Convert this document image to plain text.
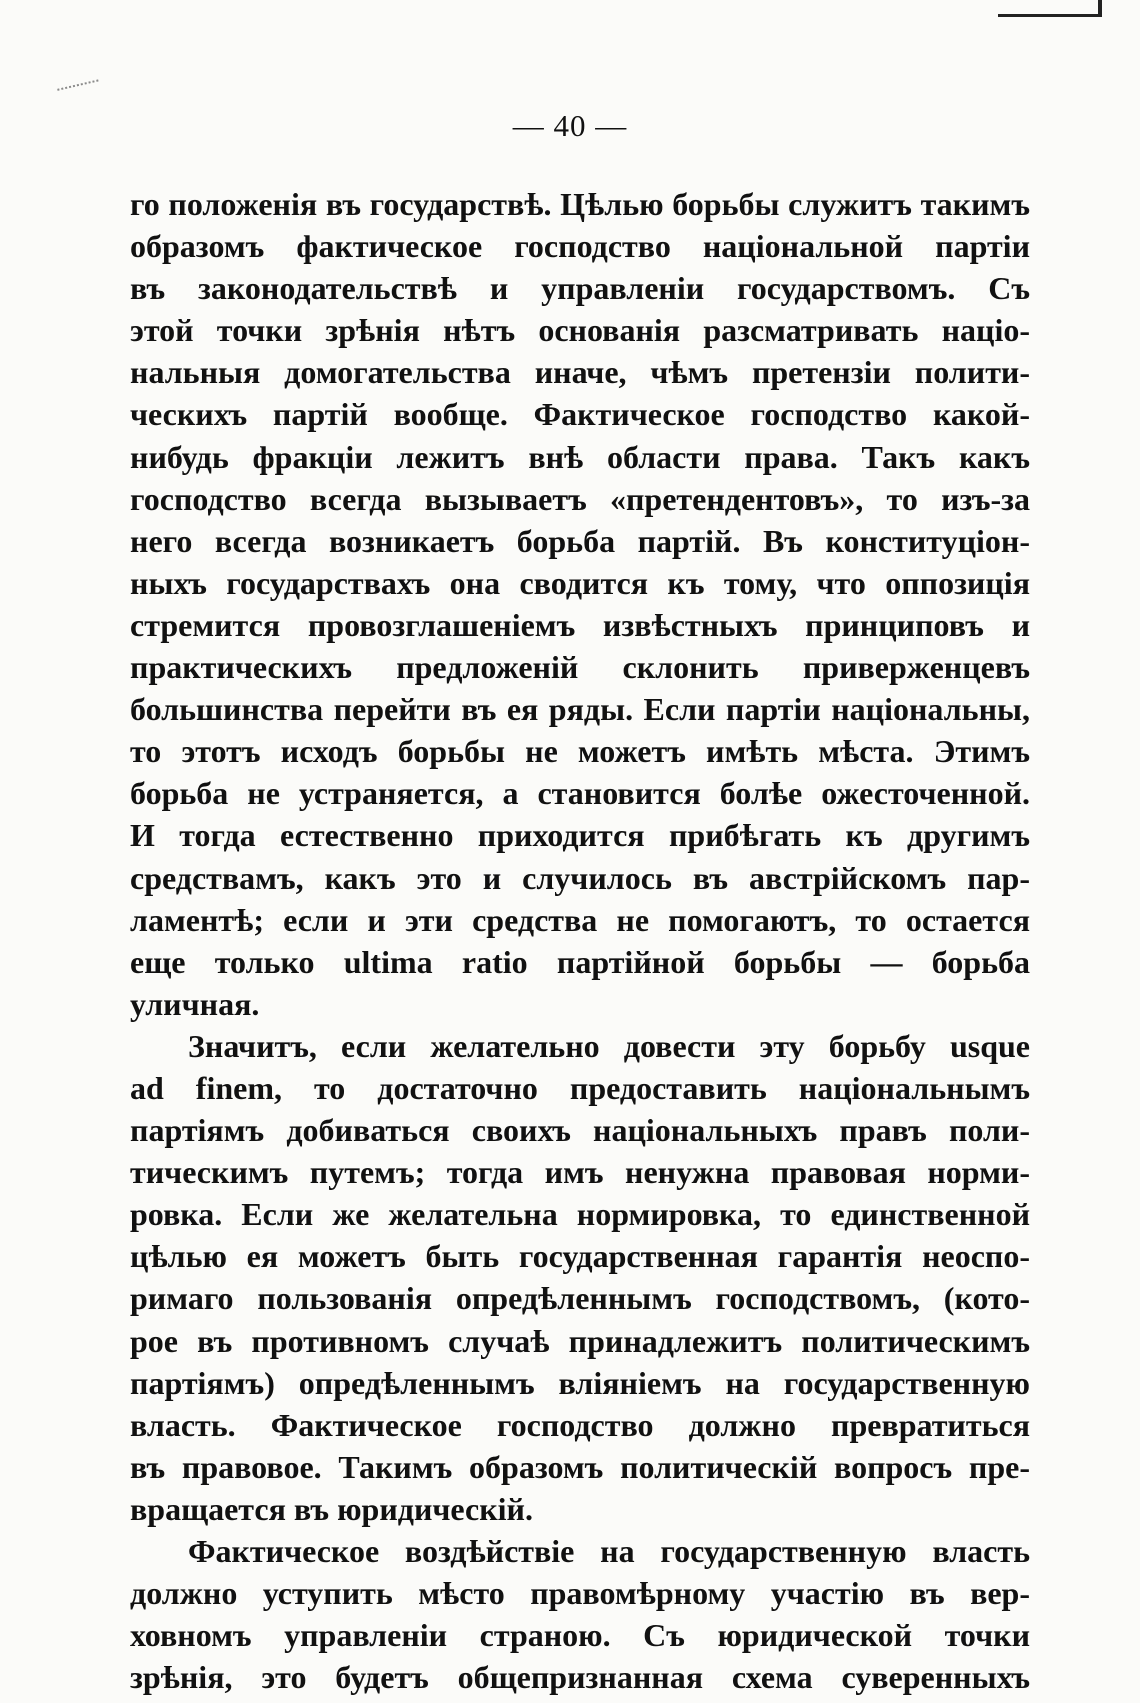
— 40 —
го положенія въ государствѣ. Цѣлью борьбы служитъ такимъ
образомъ фактическое господство національной партіи
въ законодательствѣ и управленіи государствомъ. Съ
этой точки зрѣнія нѣтъ основанія разсматривать націо-
нальныя домогательства иначе, чѣмъ претензіи полити-
ческихъ партій вообще. Фактическое господство какой-
нибудь фракціи лежитъ внѣ области права. Такъ какъ
господство всегда вызываетъ «претендентовъ», то изъ-за
него всегда возникаетъ борьба партій. Въ конституціон-
ныхъ государствахъ она сводится къ тому, что оппозиція
стремится провозглашеніемъ извѣстныхъ принциповъ и
практическихъ предложеній склонить приверженцевъ
большинства перейти въ ея ряды. Если партіи національны,
то этотъ исходъ борьбы не можетъ имѣть мѣста. Этимъ
борьба не устраняется, а становится болѣе ожесточенной.
И тогда естественно приходится прибѣгать къ другимъ
средствамъ, какъ это и случилось въ австрійскомъ пар-
ламентѣ; если и эти средства не помогаютъ, то остается
еще только ultima ratio партійной борьбы — борьба
уличная.
Значитъ, если желательно довести эту борьбу usque
ad finem, то достаточно предоставить національнымъ
партіямъ добиваться своихъ національныхъ правъ поли-
тическимъ путемъ; тогда имъ ненужна правовая норми-
ровка. Если же желательна нормировка, то единственной
цѣлью ея можетъ быть государственная гарантія неоспо-
римаго пользованія опредѣленнымъ господствомъ, (кото-
рое въ противномъ случаѣ принадлежитъ политическимъ
партіямъ) опредѣленнымъ вліяніемъ на государственную
власть. Фактическое господство должно превратиться
въ правовое. Такимъ образомъ политическій вопросъ пре-
вращается въ юридическій.
Фактическое воздѣйствіе на государственную власть
должно уступить мѣсто правомѣрному участію въ вер-
ховномъ управленіи страною. Съ юридической точки
зрѣнія, это будетъ общепризнанная схема суверенныхъ
